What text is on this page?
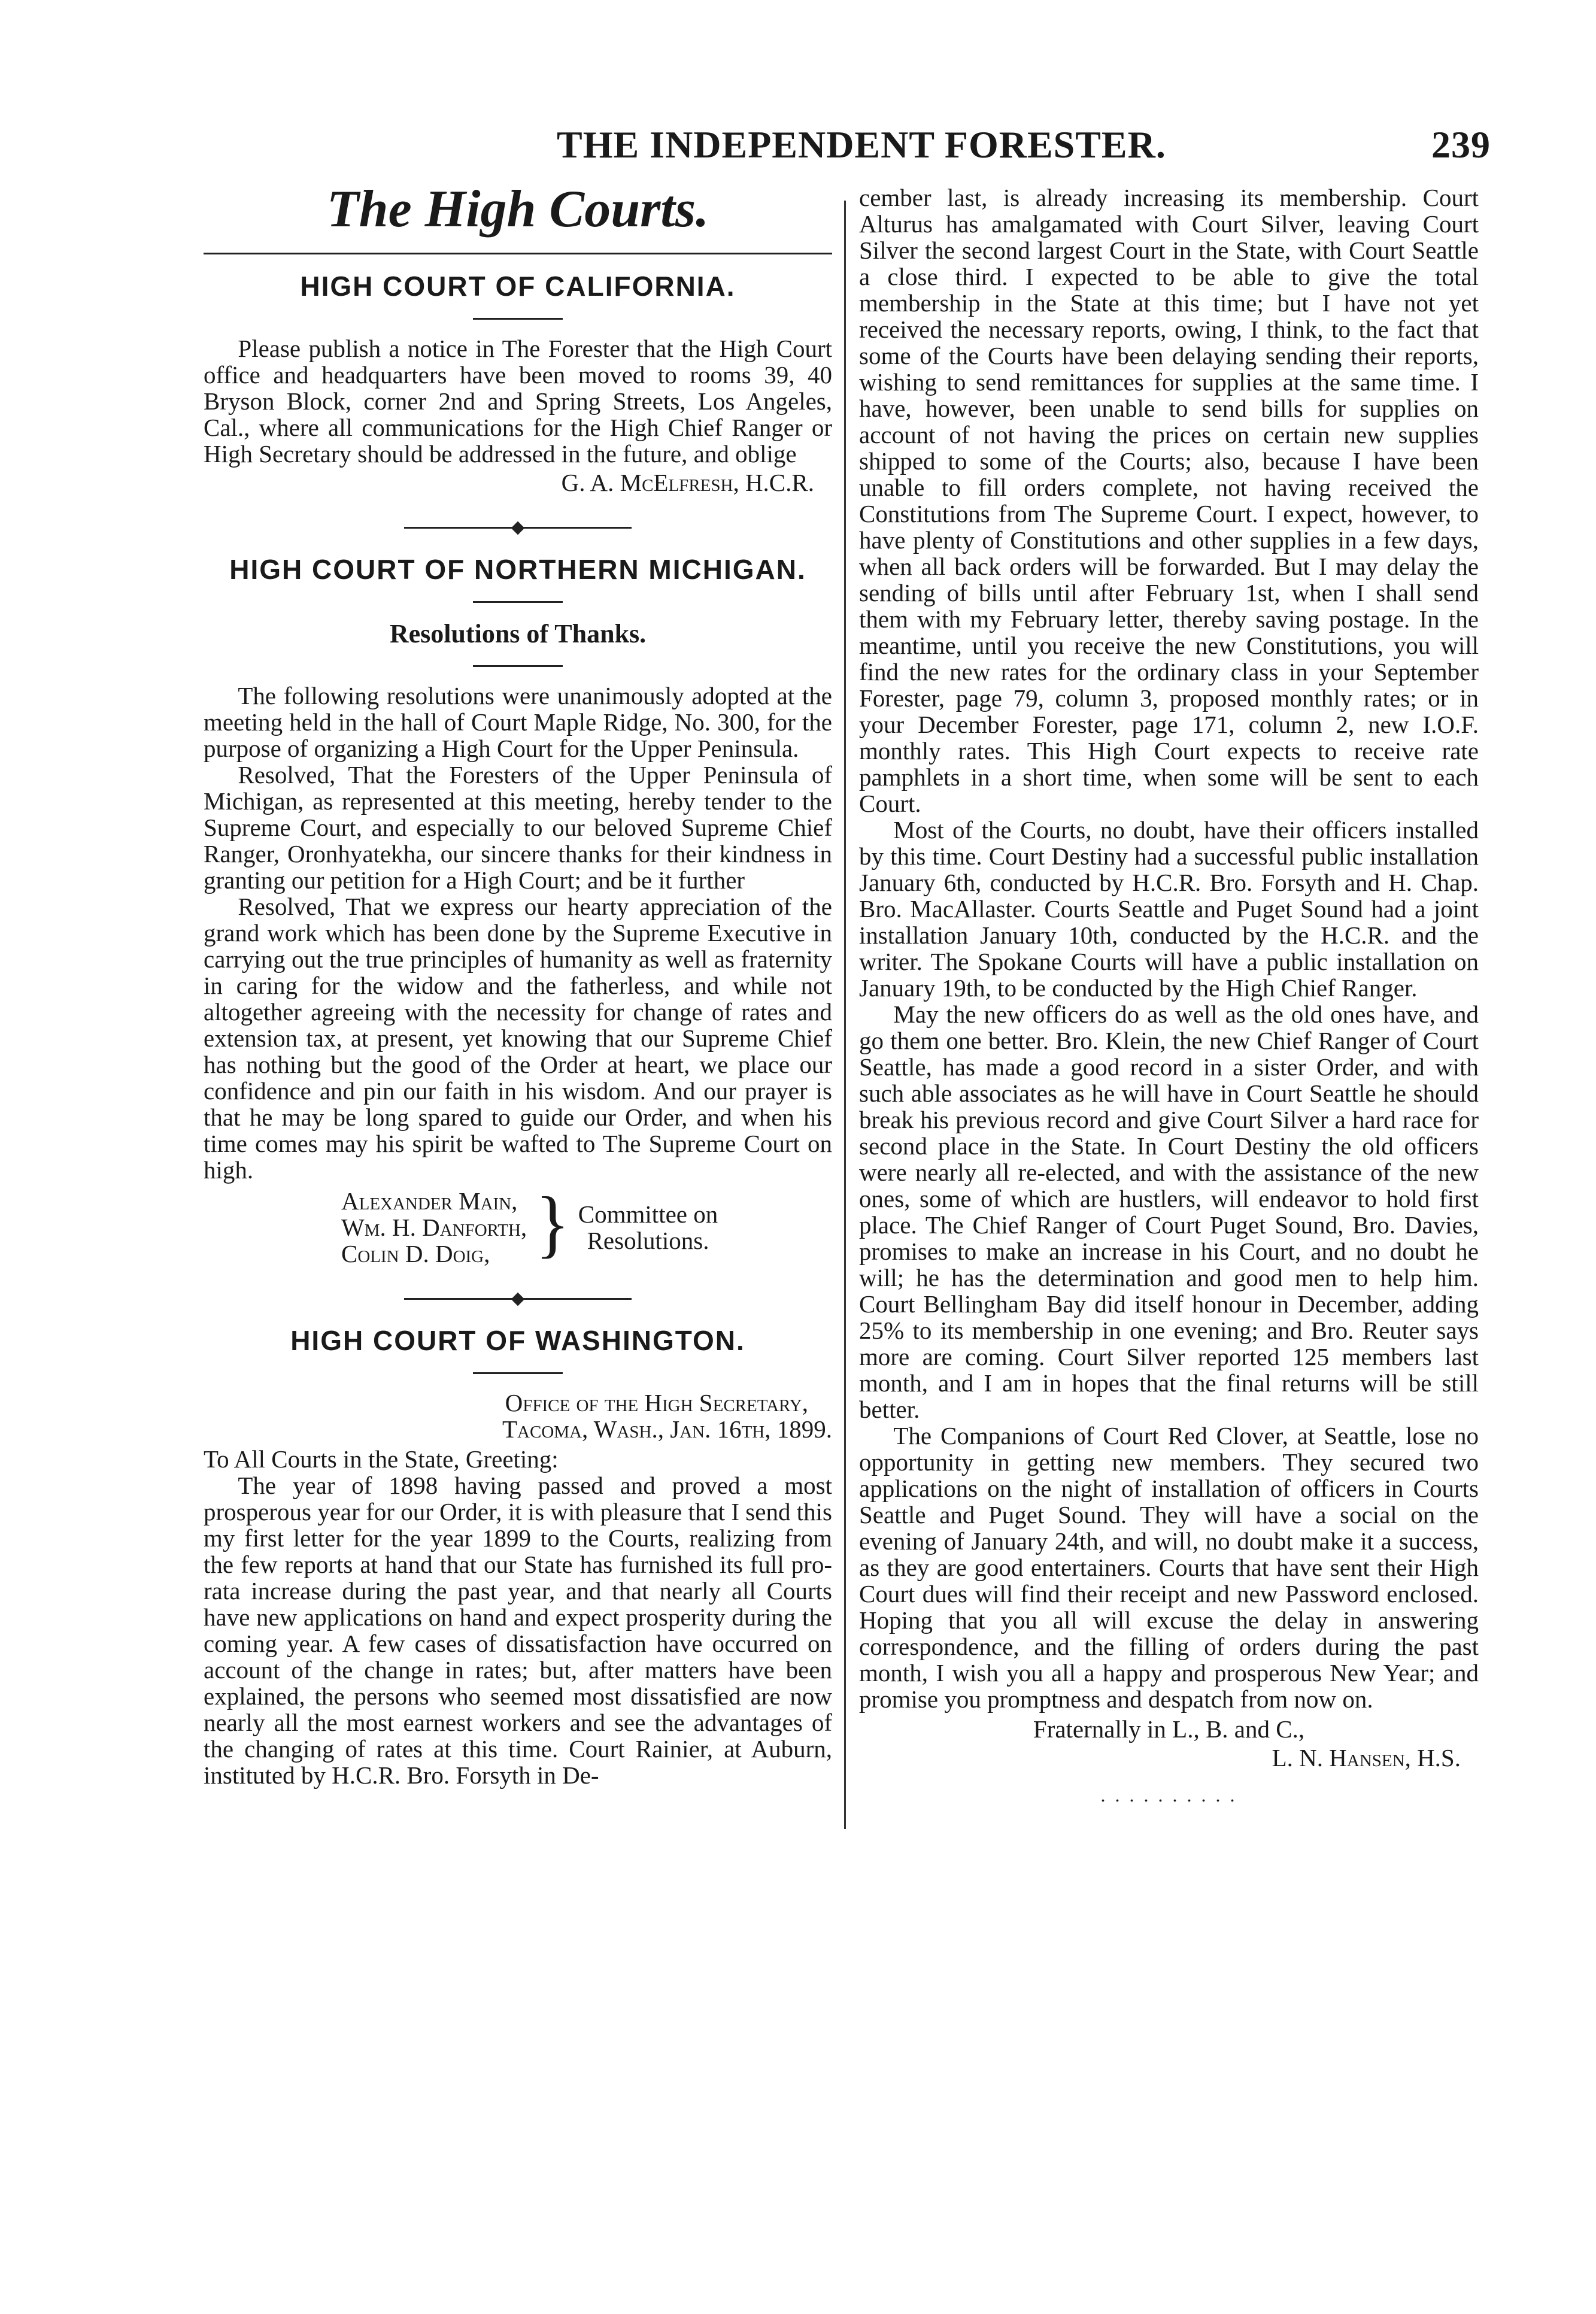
THE INDEPENDENT FORESTER.	239
The High Courts.
HIGH COURT OF CALIFORNIA.

Please publish a notice in The Forester that the High Court office and headquarters have been moved to rooms 39, 40 Bryson Block, corner 2nd and Spring Streets, Los Angeles, Cal., where all communications for the High Chief Ranger or High Secretary should be addressed in the future, and oblige

G. A. McElfresh, H.C.R.
HIGH COURT OF NORTHERN MICHIGAN.
Resolutions of Thanks.

The following resolutions were unanimously adopted at the meeting held in the hall of Court Maple Ridge, No. 300, for the purpose of organizing a High Court for the Upper Peninsula.

Resolved, That the Foresters of the Upper Peninsula of Michigan, as represented at this meeting, hereby tender to the Supreme Court, and especially to our beloved Supreme Chief Ranger, Oronhyatekha, our sincere thanks for their kindness in granting our petition for a High Court; and be it further

Resolved, That we express our hearty appreciation of the grand work which has been done by the Supreme Executive in carrying out the true principles of humanity as well as fraternity in caring for the widow and the fatherless, and while not altogether agreeing with the necessity for change of rates and extension tax, at present, yet knowing that our Supreme Chief has nothing but the good of the Order at heart, we place our confidence and pin our faith in his wisdom. And our prayer is that he may be long spared to guide our Order, and when his time comes may his spirit be wafted to The Supreme Court on high.

Alexander Main,
Wm. H. Danforth,
Colin D. Doig, } Committee on
Resolutions.
HIGH COURT OF WASHINGTON.
Office of the High Secretary,
Tacoma, Wash., Jan. 16th, 1899.

To All Courts in the State, Greeting:

The year of 1898 having passed and proved a most prosperous year for our Order, it is with pleasure that I send this my first letter for the year 1899 to the Courts, realizing from the few reports at hand that our State has furnished its full pro-rata increase during the past year, and that nearly all Courts have new applications on hand and expect prosperity during the coming year. A few cases of dissatisfaction have occurred on account of the change in rates; but, after matters have been explained, the persons who seemed most dissatisfied are now nearly all the most earnest workers and see the advantages of the changing of rates at this time. Court Rainier, at Auburn, instituted by H.C.R. Bro. Forsyth in De-

cember last, is already increasing its membership. Court Alturus has amalgamated with Court Silver, leaving Court Silver the second largest Court in the State, with Court Seattle a close third. I expected to be able to give the total membership in the State at this time; but I have not yet received the necessary reports, owing, I think, to the fact that some of the Courts have been delaying sending their reports, wishing to send remittances for supplies at the same time. I have, however, been unable to send bills for supplies on account of not having the prices on certain new supplies shipped to some of the Courts; also, because I have been unable to fill orders complete, not having received the Constitutions from The Supreme Court. I expect, however, to have plenty of Constitutions and other supplies in a few days, when all back orders will be forwarded. But I may delay the sending of bills until after February 1st, when I shall send them with my February letter, thereby saving postage. In the meantime, until you receive the new Constitutions, you will find the new rates for the ordinary class in your September Forester, page 79, column 3, proposed monthly rates; or in your December Forester, page 171, column 2, new I.O.F. monthly rates. This High Court expects to receive rate pamphlets in a short time, when some will be sent to each Court.

Most of the Courts, no doubt, have their officers installed by this time. Court Destiny had a successful public installation January 6th, conducted by H.C.R. Bro. Forsyth and H. Chap. Bro. MacAllaster. Courts Seattle and Puget Sound had a joint installation January 10th, conducted by the H.C.R. and the writer. The Spokane Courts will have a public installation on January 19th, to be conducted by the High Chief Ranger.

May the new officers do as well as the old ones have, and go them one better. Bro. Klein, the new Chief Ranger of Court Seattle, has made a good record in a sister Order, and with such able associates as he will have in Court Seattle he should break his previous record and give Court Silver a hard race for second place in the State. In Court Destiny the old officers were nearly all re-elected, and with the assistance of the new ones, some of which are hustlers, will endeavor to hold first place. The Chief Ranger of Court Puget Sound, Bro. Davies, promises to make an increase in his Court, and no doubt he will; he has the determination and good men to help him. Court Bellingham Bay did itself honour in December, adding 25% to its membership in one evening; and Bro. Reuter says more are coming. Court Silver reported 125 members last month, and I am in hopes that the final returns will be still better.

The Companions of Court Red Clover, at Seattle, lose no opportunity in getting new members. They secured two applications on the night of installation of officers in Courts Seattle and Puget Sound. They will have a social on the evening of January 24th, and will, no doubt make it a success, as they are good entertainers. Courts that have sent their High Court dues will find their receipt and new Password enclosed. Hoping that you all will excuse the delay in answering correspondence, and the filling of orders during the past month, I wish you all a happy and prosperous New Year; and promise you promptness and despatch from now on.

Fraternally in L., B. and C.,
L. N. Hansen, H.S.
. . . . . . . . . .
